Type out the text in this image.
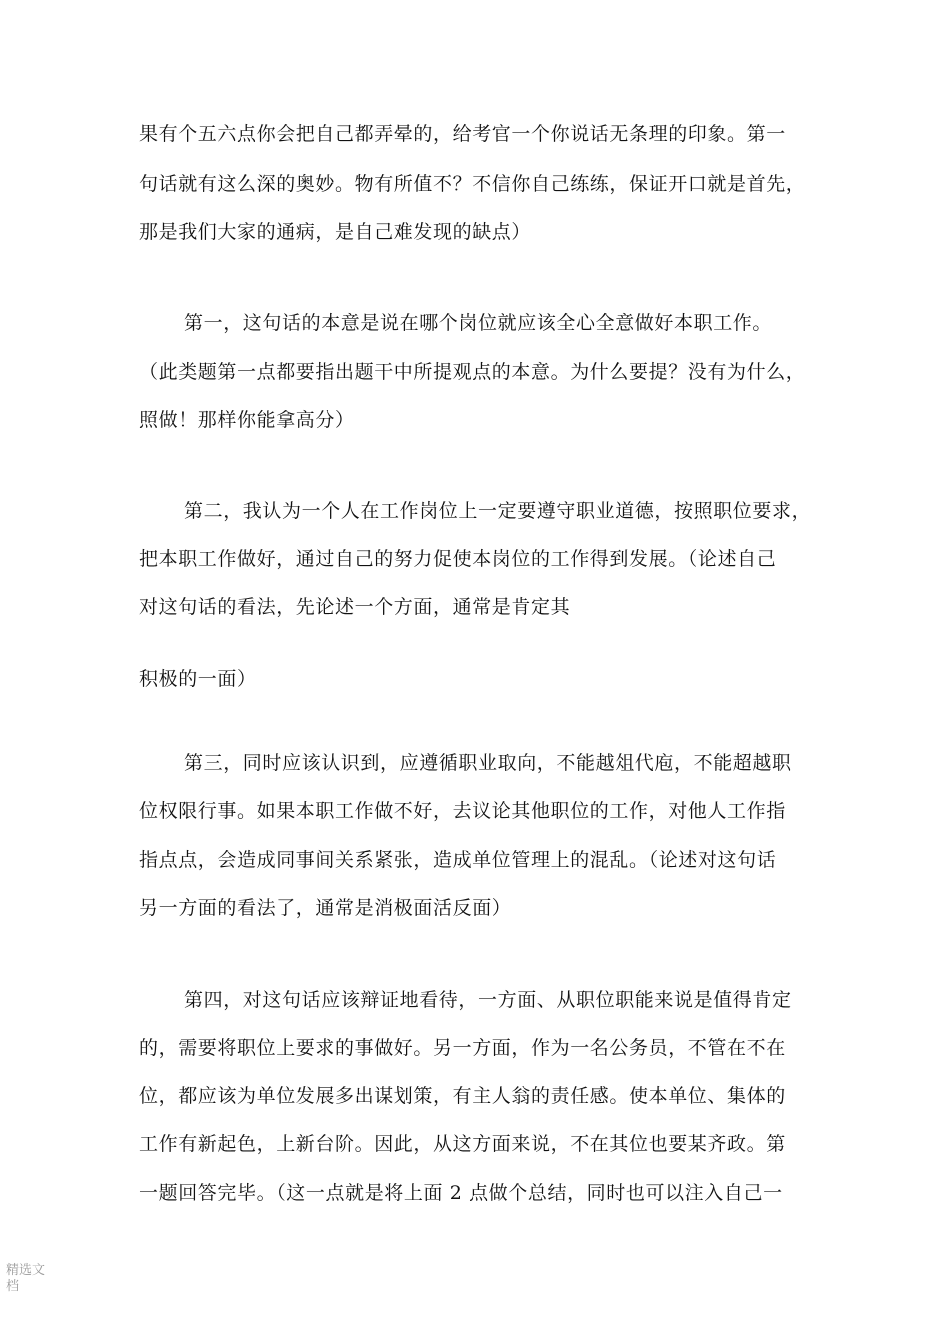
果有个五六点你会把自己都弄晕的，给考官一个你说话无条理的印象。第一
句话就有这么深的奥妙。物有所值不？不信你自己练练，保证开口就是首先，
那是我们大家的通病，是自己难发现的缺点）
第一，这句话的本意是说在哪个岗位就应该全心全意做好本职工作。
（此类题第一点都要指出题干中所提观点的本意。为什么要提？没有为什么，
照做！那样你能拿高分）
第二，我认为一个人在工作岗位上一定要遵守职业道德，按照职位要求，
把本职工作做好，通过自己的努力促使本岗位的工作得到发展。（论述自己
对这句话的看法，先论述一个方面，通常是肯定其
积极的一面）
第三，同时应该认识到，应遵循职业取向，不能越俎代庖，不能超越职
位权限行事。如果本职工作做不好，去议论其他职位的工作，对他人工作指
指点点，会造成同事间关系紧张，造成单位管理上的混乱。（论述对这句话
另一方面的看法了，通常是消极面活反面）
第四，对这句话应该辩证地看待，一方面、从职位职能来说是值得肯定
的，需要将职位上要求的事做好。另一方面，作为一名公务员，不管在不在
位，都应该为单位发展多出谋划策，有主人翁的责任感。使本单位、集体的
工作有新起色，上新台阶。因此，从这方面来说，不在其位也要某齐政。第
一题回答完毕。（这一点就是将上面 2 点做个总结，同时也可以注入自己一
精选文档
